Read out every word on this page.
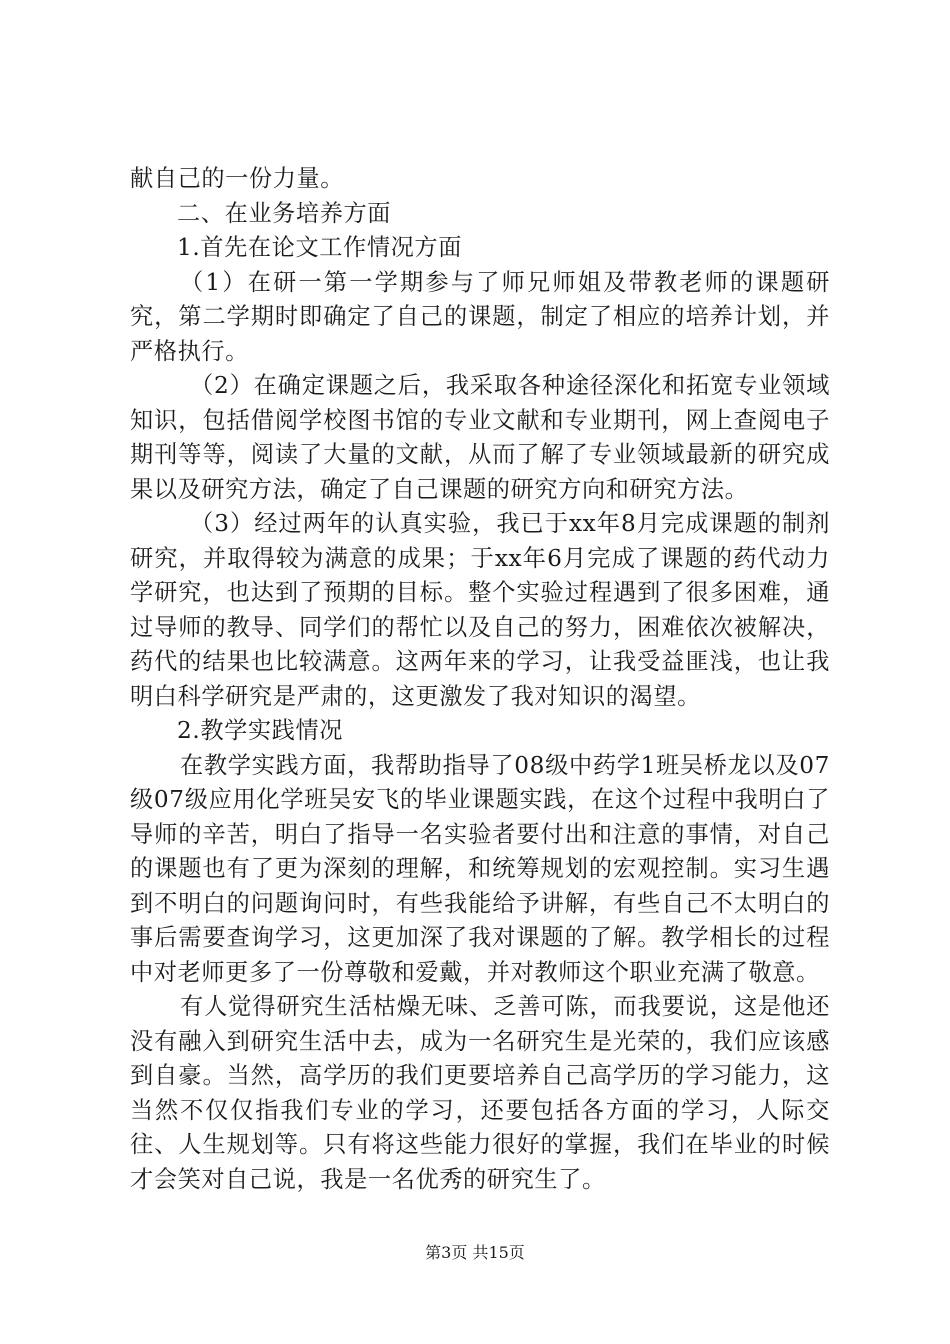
献自己的一份力量。

二、在业务培养方面

1.首先在论文工作情况方面

（1）在研一第一学期参与了师兄师姐及带教老师的课题研究，第二学期时即确定了自己的课题，制定了相应的培养计划，并严格执行。

（2）在确定课题之后，我采取各种途径深化和拓宽专业领域知识，包括借阅学校图书馆的专业文献和专业期刊，网上查阅电子期刊等等，阅读了大量的文献，从而了解了专业领域最新的研究成果以及研究方法，确定了自己课题的研究方向和研究方法。

（3）经过两年的认真实验，我已于xx年8月完成课题的制剂研究，并取得较为满意的成果；于xx年6月完成了课题的药代动力学研究，也达到了预期的目标。整个实验过程遇到了很多困难，通过导师的教导、同学们的帮忙以及自己的努力，困难依次被解决，药代的结果也比较满意。这两年来的学习，让我受益匪浅，也让我明白科学研究是严肃的，这更激发了我对知识的渴望。

2.教学实践情况

在教学实践方面，我帮助指导了08级中药学1班吴桥龙以及07级07级应用化学班吴安飞的毕业课题实践，在这个过程中我明白了导师的辛苦，明白了指导一名实验者要付出和注意的事情，对自己的课题也有了更为深刻的理解，和统筹规划的宏观控制。实习生遇到不明白的问题询问时，有些我能给予讲解，有些自己不太明白的事后需要查询学习，这更加深了我对课题的了解。教学相长的过程中对老师更多了一份尊敬和爱戴，并对教师这个职业充满了敬意。

有人觉得研究生活枯燥无味、乏善可陈，而我要说，这是他还没有融入到研究生活中去，成为一名研究生是光荣的，我们应该感到自豪。当然，高学历的我们更要培养自己高学历的学习能力，这当然不仅仅指我们专业的学习，还要包括各方面的学习，人际交往、人生规划等。只有将这些能力很好的掌握，我们在毕业的时候才会笑对自己说，我是一名优秀的研究生了。

第3页 共15页
